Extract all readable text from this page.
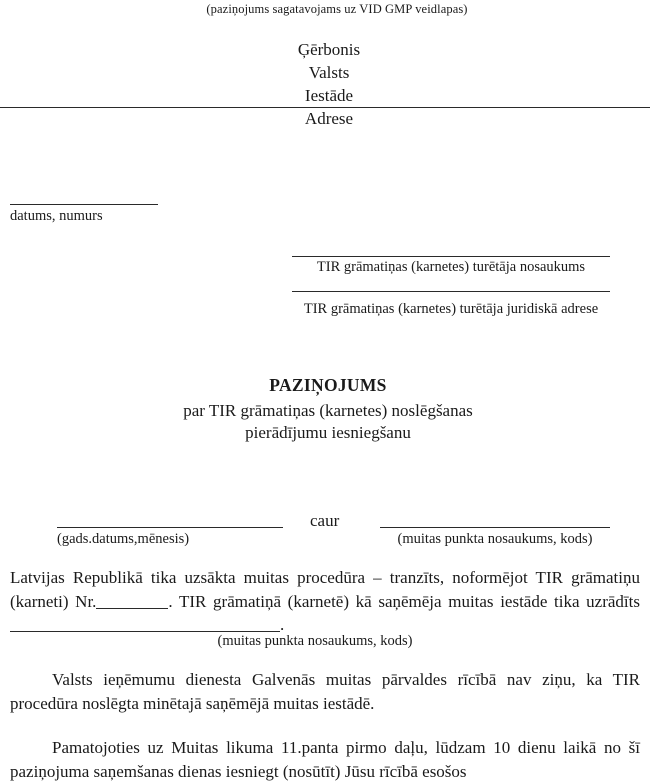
(paziņojums sagatavojams uz VID GMP veidlapas)
Ģērbonis
Valsts
Iestāde
Adrese
datums, numurs
TIR grāmatiņas (karnetes) turētāja nosaukums
TIR grāmatiņas (karnetes) turētāja juridiskā adrese
PAZIŅOJUMS
par TIR grāmatiņas (karnetes) noslēgšanas
pierādījumu iesniegšanu
(gads.datums,mēnesis)
caur
(muitas punkta nosaukums, kods)
Latvijas Republikā tika uzsākta muitas procedūra – tranzīts, noformējot TIR grāmatiņu (karneti) Nr.	. TIR grāmatiņā (karnetē) kā saņēmēja muitas iestāde tika uzrādīts.
(muitas punkta nosaukums, kods)
Valsts ieņēmumu dienesta Galvenās muitas pārvaldes rīcībā nav ziņu, ka TIR procedūra noslēgta minētajā saņēmējā muitas iestādē.
Pamatojoties uz Muitas likuma 11.panta pirmo daļu, lūdzam 10 dienu laikā no šī paziņojuma saņemšanas dienas iesniegt (nosūtīt) Jūsu rīcībā esošos
